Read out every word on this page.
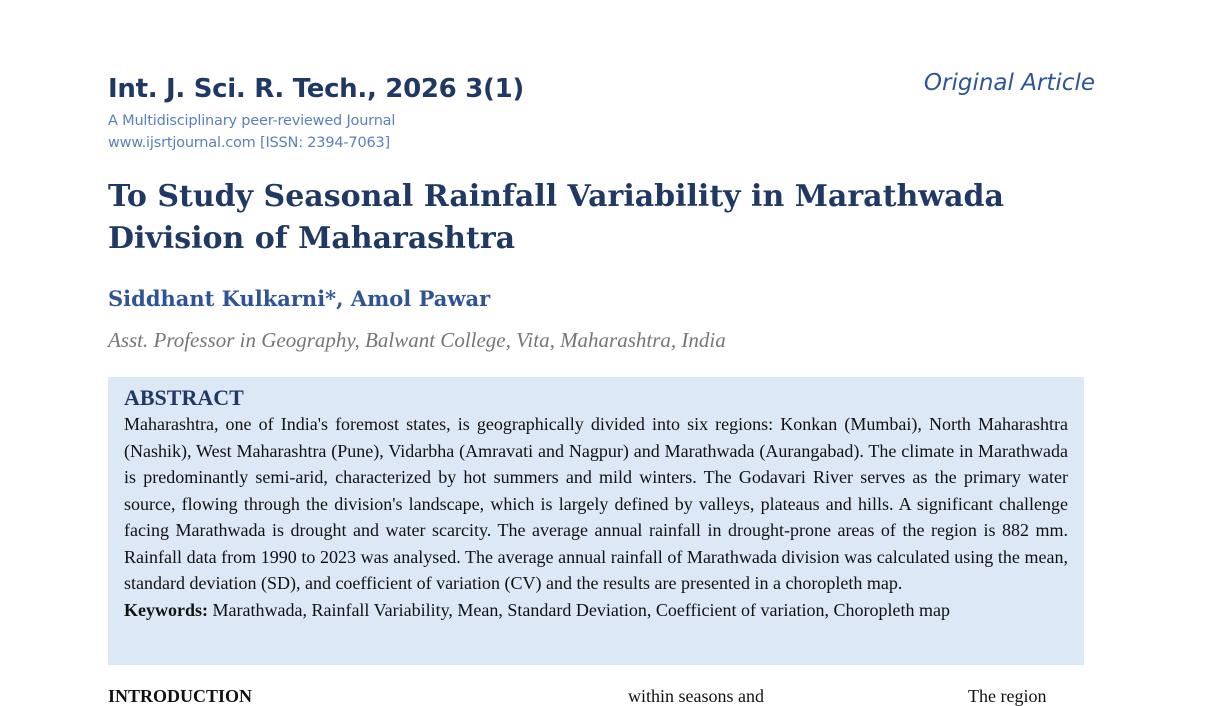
Int. J. Sci. R. Tech., 2026 3(1)	Original Article
A Multidisciplinary peer-reviewed Journal
www.ijsrtjournal.com [ISSN: 2394-7063]
To Study Seasonal Rainfall Variability in Marathwada
Division of Maharashtra
Siddhant Kulkarni*, Amol Pawar
Asst. Professor in Geography, Balwant College, Vita, Maharashtra, India

ABSTRACT

Maharashtra, one of India's foremost states, is geographically divided into six regions: Konkan (Mumbai), North Maharashtra (Nashik), West Maharashtra (Pune), Vidarbha (Amravati and Nagpur) and Marathwada (Aurangabad). The climate in Marathwada is predominantly semi-arid, characterized by hot summers and mild winters. The Godavari River serves as the primary water source, flowing through the division's landscape, which is largely defined by valleys, plateaus and hills. A significant challenge facing Marathwada is drought and water scarcity. The average annual rainfall in drought-prone areas of the region is 882 mm. Rainfall data from 1990 to 2023 was analysed. The average annual rainfall of Marathwada division was calculated using the mean, standard deviation (SD), and coefficient of variation (CV) and the results are presented in a choropleth map.

Keywords: Marathwada, Rainfall Variability, Mean, Standard Deviation, Coefficient of variation, Choropleth map

INTRODUCTION	within seasons and	The region
